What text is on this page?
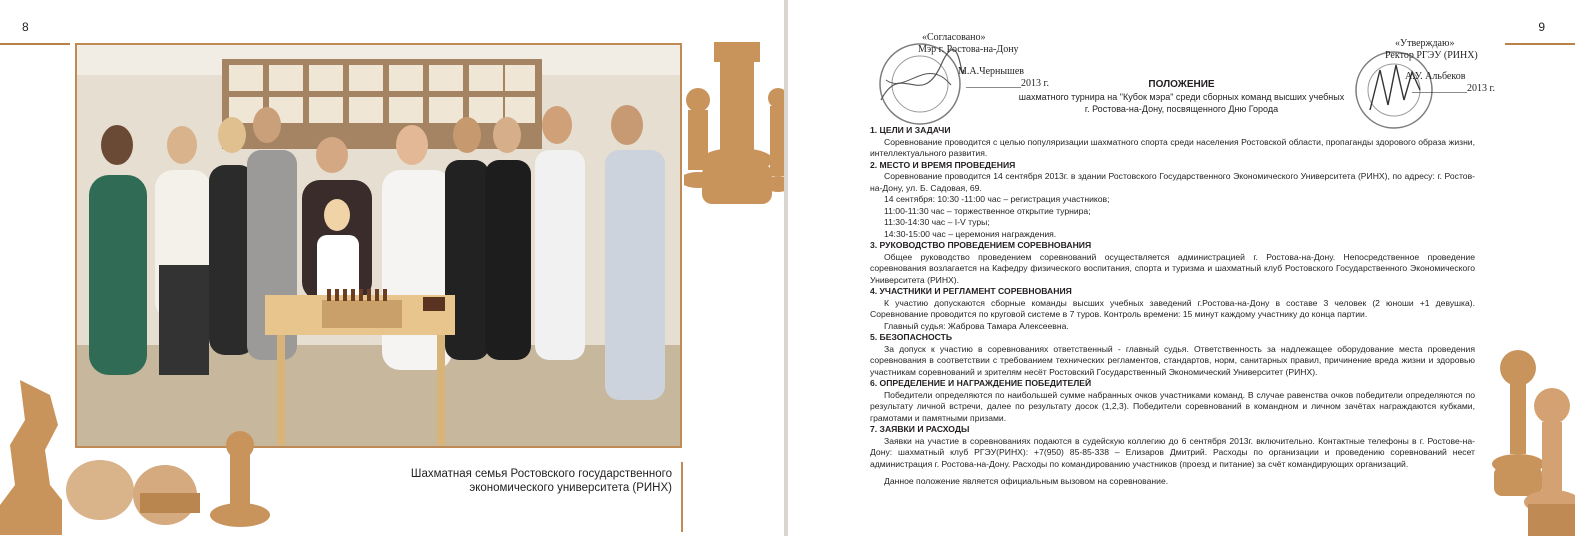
8
Шахматная семья Ростовского государственного
экономического университета (РИНХ)
9
«Согласовано»
Мэр г. Ростова-на-Дону
М.А.Чернышев
___________2013 г.
«Утверждаю»
Ректор РГЭУ (РИНХ)
А.У. Альбеков
___________2013 г.
ПОЛОЖЕНИЕ
шахматного турнира на "Кубок мэра" среди сборных команд высших учебных
г. Ростова-на-Дону, посвященного Дню Города
1. ЦЕЛИ И ЗАДАЧИ

Соревнование проводится с целью популяризации шахматного спорта среди населения Ростовской области, пропаганды здорового образа жизни, интеллектуального развития.

2. МЕСТО И ВРЕМЯ ПРОВЕДЕНИЯ

Соревнование проводится 14 сентября 2013г. в здании Ростовского Государственного Экономического Университета (РИНХ), по адресу: г. Ростов-на-Дону, ул. Б. Садовая, 69.

14 сентября: 10:30 -11:00 час – регистрация участников;
11:00-11:30 час – торжественное открытие турнира;
11:30-14:30 час – I-V туры;
14:30-15:00 час – церемония награждения.
3. РУКОВОДСТВО ПРОВЕДЕНИЕМ СОРЕВНОВАНИЯ

Общее руководство проведением соревнований осуществляется администрацией г. Ростова-на-Дону. Непосредственное проведение соревнования возлагается на Кафедру физического воспитания, спорта и туризма и шахматный клуб Ростовского Государственного Экономического Университета (РИНХ).

4. УЧАСТНИКИ И РЕГЛАМЕНТ СОРЕВНОВАНИЯ

К участию допускаются сборные команды высших учебных заведений г.Ростова-на-Дону в составе 3 человек (2 юноши +1 девушка). Соревнование проводится по круговой системе в 7 туров. Контроль времени: 15 минут каждому участнику до конца партии.

Главный судья: Жаброва Тамара Алексеевна.

5. БЕЗОПАСНОСТЬ

За допуск к участию в соревнованиях ответственный - главный судья. Ответственность за надлежащее оборудование места проведения соревнования в соответствии с требованием технических регламентов, стандартов, норм, санитарных правил, причинение вреда жизни и здоровью участникам соревнований и зрителям несёт Ростовский Государственный Экономический Университет (РИНХ).

6. ОПРЕДЕЛЕНИЕ И НАГРАЖДЕНИЕ ПОБЕДИТЕЛЕЙ

Победители определяются по наибольшей сумме набранных очков участниками команд. В случае равенства очков победители определяются по результату личной встречи, далее по результату досок (1,2,3). Победители соревнований в командном и личном зачётах награждаются кубками, грамотами и памятными призами.

7. ЗАЯВКИ И РАСХОДЫ

Заявки на участие в соревнованиях подаются в судейскую коллегию до 6 сентября 2013г. включительно. Контактные телефоны в г. Ростове-на-Дону: шахматный клуб РГЭУ(РИНХ): +7(950) 85-85-338 – Елизаров Дмитрий. Расходы по организации и проведению соревнований несет администрация г. Ростова-на-Дону. Расходы по командированию участников (проезд и питание) за счёт командирующих организаций.

Данное положение является официальным вызовом на соревнование.
